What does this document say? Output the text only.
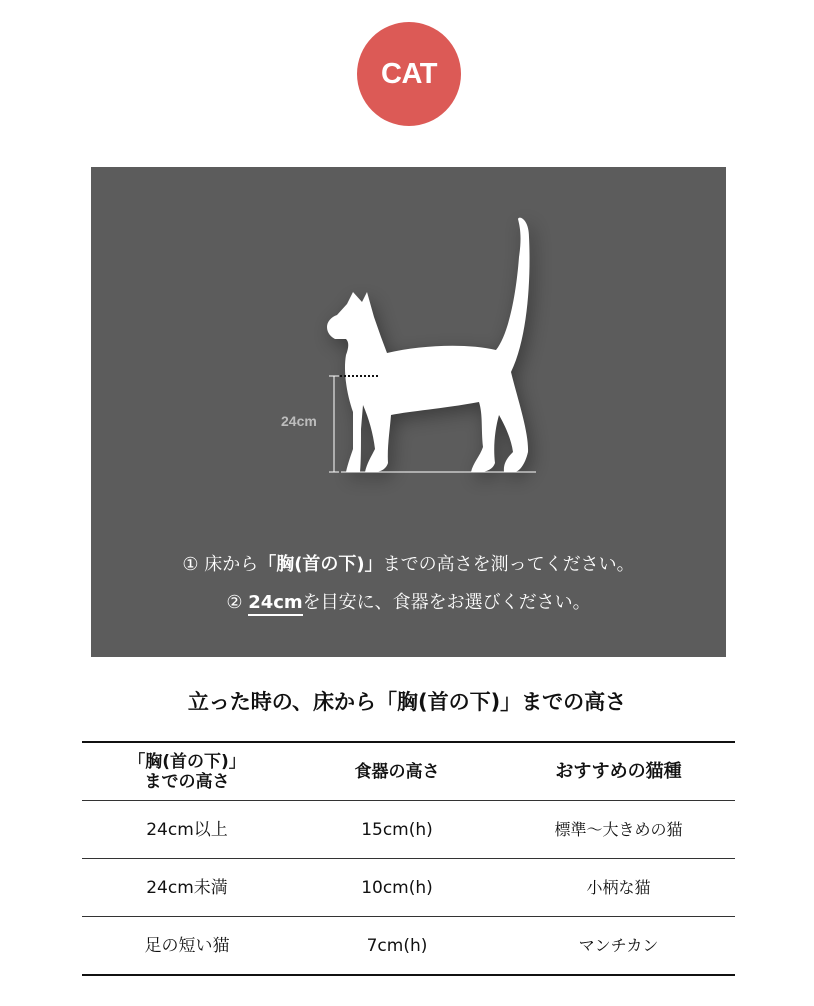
CAT
24cm
① 床から「胸(首の下)」までの高さを測ってください。
② 24cmを目安に、食器をお選びください。
立った時の、床から「胸(首の下)」までの高さ
「胸(首の下)」
までの高さ	食器の高さ	おすすめの猫種
24cm以上	15cm(h)	標準〜大きめの猫
24cm未満	10cm(h)	小柄な猫
足の短い猫	7cm(h)	マンチカン
